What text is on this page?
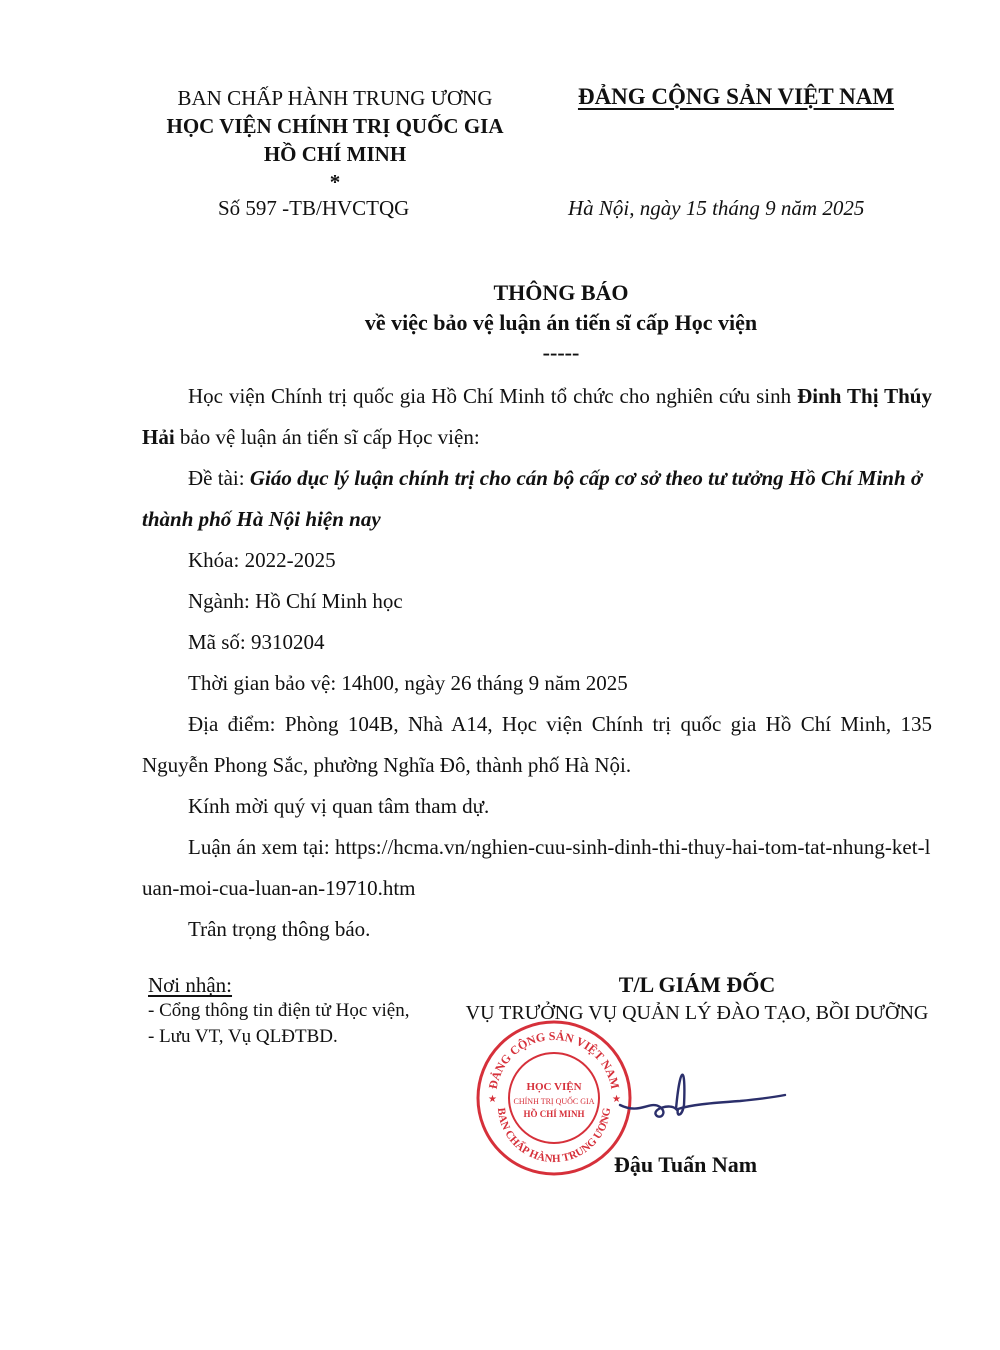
BAN CHẤP HÀNH TRUNG ƯƠNG
HỌC VIỆN CHÍNH TRỊ QUỐC GIA
HỒ CHÍ MINH
*
ĐẢNG CỘNG SẢN VIỆT NAM
Số 597 -TB/HVCTQG	Hà Nội, ngày 15 tháng 9 năm 2025
THÔNG BÁO
về việc bảo vệ luận án tiến sĩ cấp Học viện
-----

Học viện Chính trị quốc gia Hồ Chí Minh tổ chức cho nghiên cứu sinh Đinh Thị Thúy Hải bảo vệ luận án tiến sĩ cấp Học viện:

Đề tài: Giáo dục lý luận chính trị cho cán bộ cấp cơ sở theo tư tưởng Hồ Chí Minh ở thành phố Hà Nội hiện nay

Khóa: 2022-2025

Ngành: Hồ Chí Minh học

Mã số: 9310204

Thời gian bảo vệ: 14h00, ngày 26 tháng 9 năm 2025

Địa điểm: Phòng 104B, Nhà A14, Học viện Chính trị quốc gia Hồ Chí Minh, 135 Nguyễn Phong Sắc, phường Nghĩa Đô, thành phố Hà Nội.

Kính mời quý vị quan tâm tham dự.

Luận án xem tại: https://hcma.vn/nghien-cuu-sinh-dinh-thi-thuy-hai-tom-tat-nhung-ket-luan-moi-cua-luan-an-19710.htm

Trân trọng thông báo.

Nơi nhận:
- Cổng thông tin điện tử Học viện,
- Lưu VT, Vụ QLĐTBD.
T/L GIÁM ĐỐC
VỤ TRƯỞNG VỤ QUẢN LÝ ĐÀO TẠO, BỒI DƯỠNG
ĐẢNG CỘNG SẢN VIỆT NAM
BAN CHẤP HÀNH TRUNG ƯƠNG
HỌC VIỆN
CHÍNH TRỊ QUỐC GIA
HỒ CHÍ MINH
★	★
Đậu Tuấn Nam
